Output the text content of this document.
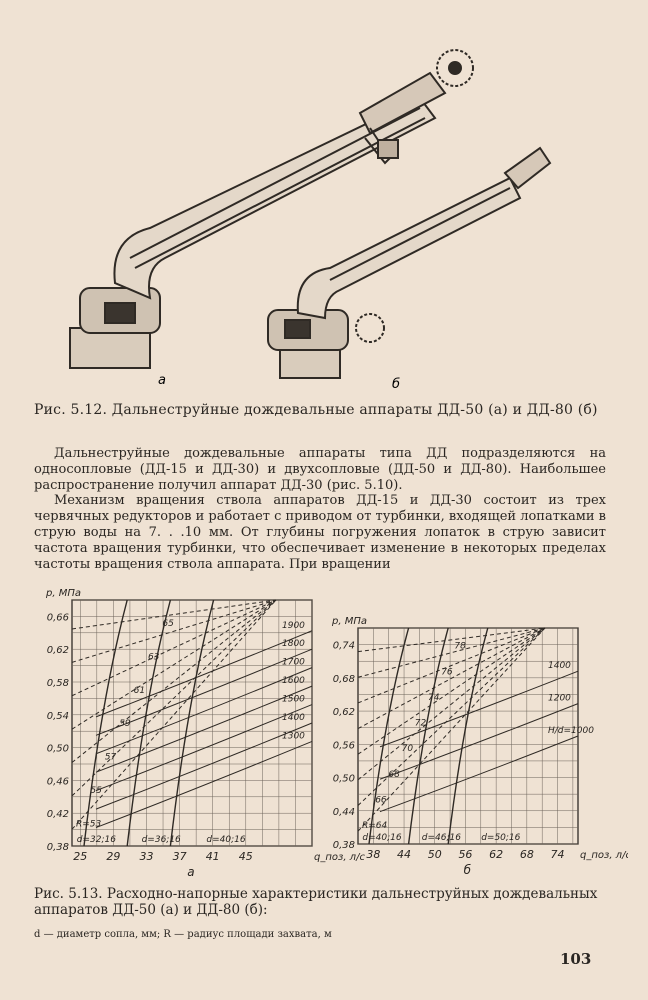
а	б
Рис. 5.12. Дальнеструйные дождевальные аппараты ДД-50 (а) и ДД-80 (б)
Дальнеструйные дождевальные аппараты типа ДД подразделяются на односопловые (ДД-15 и ДД-30) и двухсопловые (ДД-50 и ДД-80). Наибольшее распространение получил аппарат ДД-30 (рис. 5.10).
Механизм вращения ствола аппаратов ДД-15 и ДД-30 состоит из трех червячных редукторов и работает с приводом от турбинки, входящей лопатками в струю воды на 7. . .10 мм. От глубины погружения лопаток в струю зависит частота вращения турбинки, что обеспечивает изменение в некоторых пределах частоты вращения ствола аппарата. При вращении
25 29 33 37 41 45
0,38
0,42
0,46
0,50
0,54
0,58
0,62
0,66
p, МПа
q_поз, л/с
а
d=32;16	d=36;16	d=40;16
R=53
55
57
59
61
63
65
1300
1400
1500
1600
1700
1800
1900
38 44 50 56 62 68 74
0,38
0,44
0,50
0,56
0,62
0,68
0,74
p, МПа
q_поз, л/с
б
d=40;16 d=46;16 d=50;16
R=64
66
68
70
72
74
76
78
H/d=1000
1200
1400
Рис. 5.13. Расходно-напорные характеристики дальнеструйных дождевальных аппаратов ДД-50 (а) и ДД-80 (б):
d — диаметр сопла, мм; R — радиус площади захвата, м
103
